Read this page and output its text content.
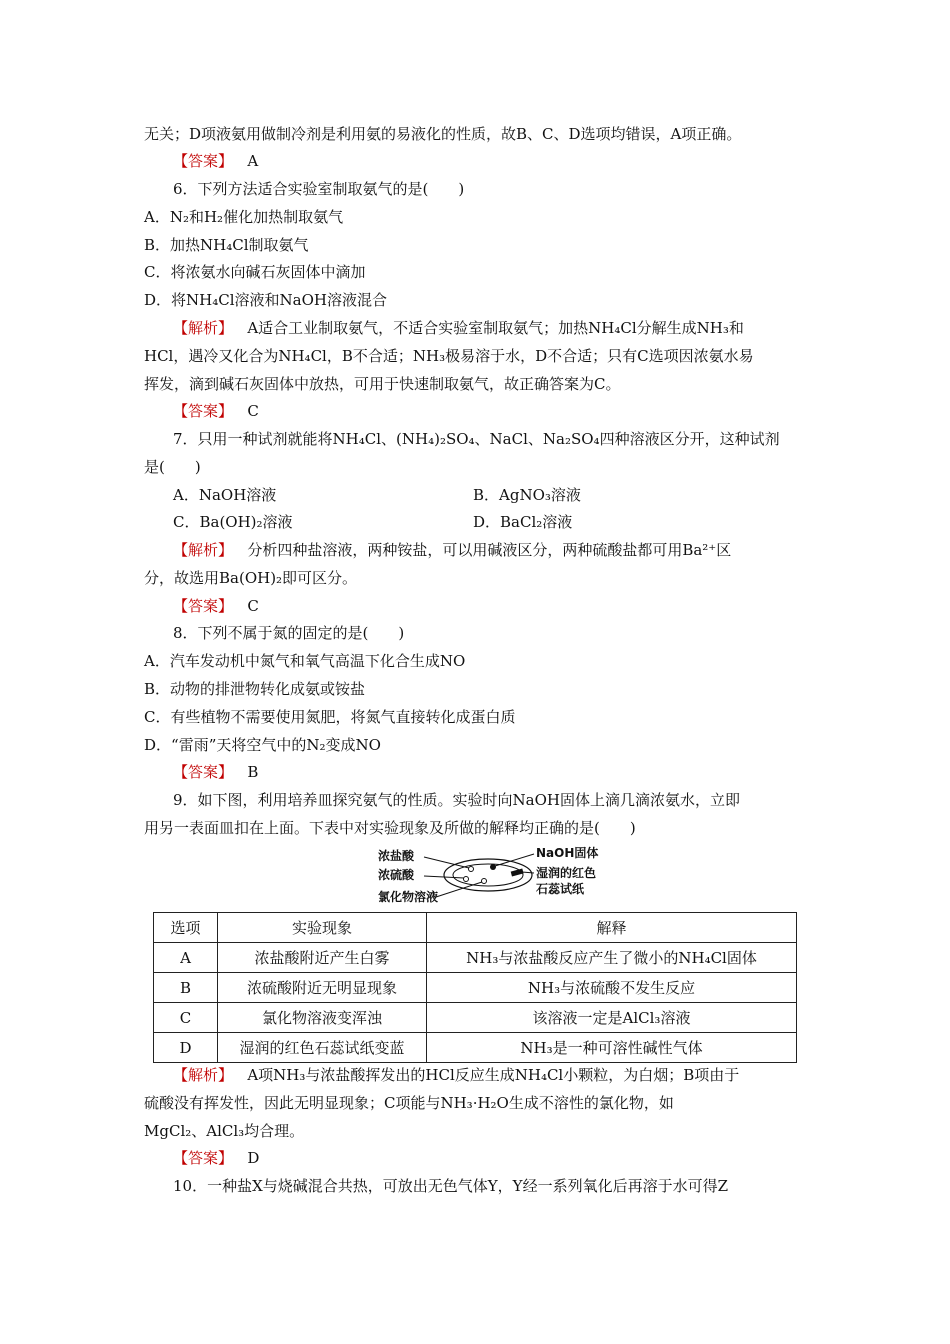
无关；D项液氨用做制冷剂是利用氨的易液化的性质，故B、C、D选项均错误，A项正确。
【答案】 A
6．下列方法适合实验室制取氨气的是(　　)
A．N₂和H₂催化加热制取氨气
B．加热NH₄Cl制取氨气
C．将浓氨水向碱石灰固体中滴加
D．将NH₄Cl溶液和NaOH溶液混合
【解析】 A适合工业制取氨气，不适合实验室制取氨气；加热NH₄Cl分解生成NH₃和
HCl，遇冷又化合为NH₄Cl，B不合适；NH₃极易溶于水，D不合适；只有C选项因浓氨水易
挥发，滴到碱石灰固体中放热，可用于快速制取氨气，故正确答案为C。
【答案】 C
7．只用一种试剂就能将NH₄Cl、(NH₄)₂SO₄、NaCl、Na₂SO₄四种溶液区分开，这种试剂
是(　　)
A．NaOH溶液	B．AgNO₃溶液
C．Ba(OH)₂溶液	D．BaCl₂溶液
【解析】 分析四种盐溶液，两种铵盐，可以用碱液区分，两种硫酸盐都可用Ba²⁺区
分，故选用Ba(OH)₂即可区分。
【答案】 C
8．下列不属于氮的固定的是(　　)
A．汽车发动机中氮气和氧气高温下化合生成NO
B．动物的排泄物转化成氨或铵盐
C．有些植物不需要使用氮肥，将氮气直接转化成蛋白质
D．“雷雨”天将空气中的N₂变成NO
【答案】 B
9．如下图，利用培养皿探究氨气的性质。实验时向NaOH固体上滴几滴浓氨水，立即
用另一表面皿扣在上面。下表中对实验现象及所做的解释均正确的是(　　)
浓盐酸
浓硫酸
氯化物溶液
NaOH固体
湿润的红色
石蕊试纸
选项	实验现象	解释
A	浓盐酸附近产生白雾	NH₃与浓盐酸反应产生了微小的NH₄Cl固体
B	浓硫酸附近无明显现象	NH₃与浓硫酸不发生反应
C	氯化物溶液变浑浊	该溶液一定是AlCl₃溶液
D	湿润的红色石蕊试纸变蓝	NH₃是一种可溶性碱性气体
【解析】 A项NH₃与浓盐酸挥发出的HCl反应生成NH₄Cl小颗粒，为白烟；B项由于
硫酸没有挥发性，因此无明显现象；C项能与NH₃·H₂O生成不溶性的氯化物，如
MgCl₂、AlCl₃均合理。
【答案】 D
10．一种盐X与烧碱混合共热，可放出无色气体Y，Y经一系列氧化后再溶于水可得Z
